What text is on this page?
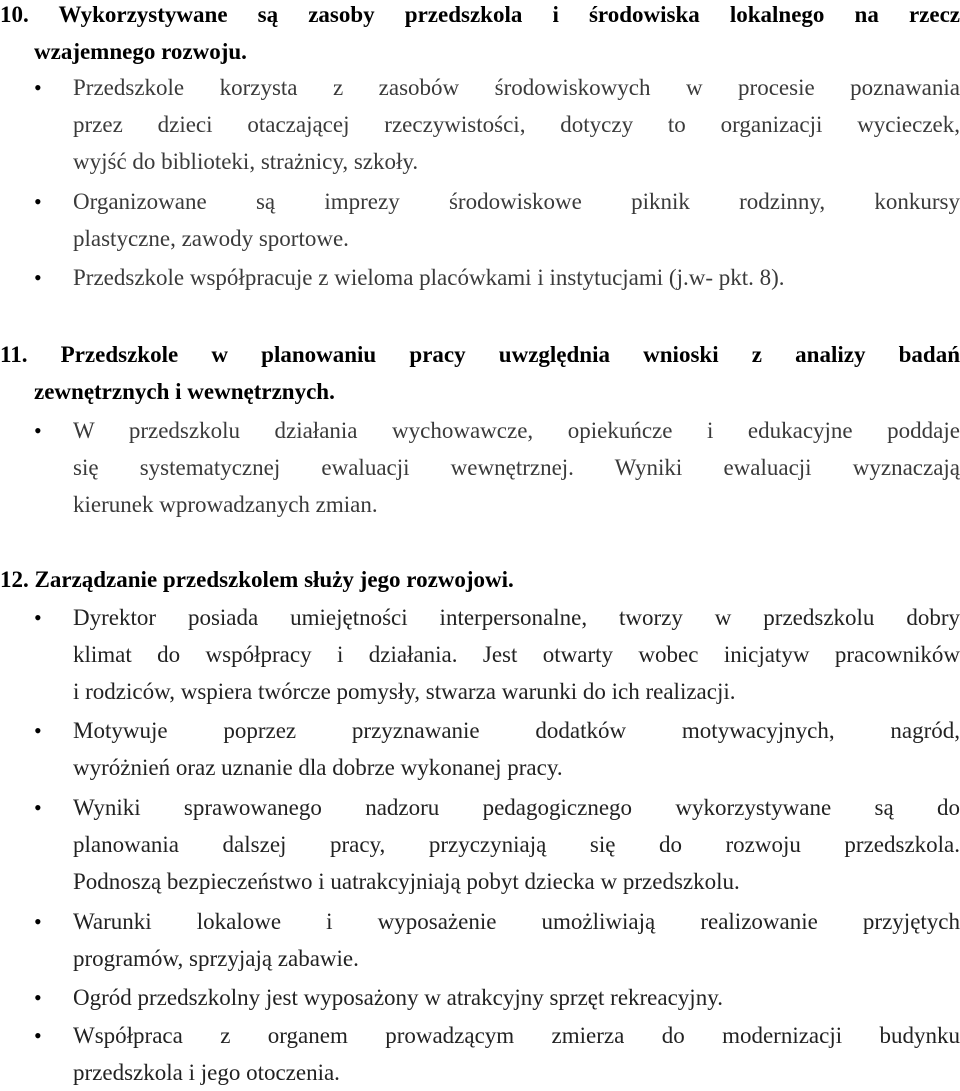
10. Wykorzystywane są zasoby przedszkola i środowiska lokalnego na rzecz
wzajemnego rozwoju.
•	Przedszkole korzysta z zasobów środowiskowych w procesie poznawania
przez dzieci otaczającej rzeczywistości, dotyczy to organizacji wycieczek,
wyjść do biblioteki, strażnicy, szkoły.
•	Organizowane są imprezy środowiskowe piknik rodzinny, konkursy
plastyczne, zawody sportowe.
•	Przedszkole współpracuje z wieloma placówkami i instytucjami (j.w- pkt. 8).
11. Przedszkole w planowaniu pracy uwzględnia wnioski z analizy badań
zewnętrznych i wewnętrznych.
•	W przedszkolu działania wychowawcze, opiekuńcze i edukacyjne poddaje
się systematycznej ewaluacji wewnętrznej. Wyniki ewaluacji wyznaczają
kierunek wprowadzanych zmian.
12. Zarządzanie przedszkolem służy jego rozwojowi.
•	Dyrektor posiada umiejętności interpersonalne, tworzy w przedszkolu dobry
klimat do współpracy i działania. Jest otwarty wobec inicjatyw pracowników
i rodziców, wspiera twórcze pomysły, stwarza warunki do ich realizacji.
•	Motywuje poprzez przyznawanie dodatków motywacyjnych, nagród,
wyróżnień oraz uznanie dla dobrze wykonanej pracy.
•	Wyniki sprawowanego nadzoru pedagogicznego wykorzystywane są do
planowania dalszej pracy, przyczyniają się do rozwoju przedszkola.
Podnoszą bezpieczeństwo i uatrakcyjniają pobyt dziecka w przedszkolu.
•	Warunki lokalowe i wyposażenie umożliwiają realizowanie przyjętych
programów, sprzyjają zabawie.
•	Ogród przedszkolny jest wyposażony w atrakcyjny sprzęt rekreacyjny.
•	Współpraca z organem prowadzącym zmierza do modernizacji budynku
przedszkola i jego otoczenia.
